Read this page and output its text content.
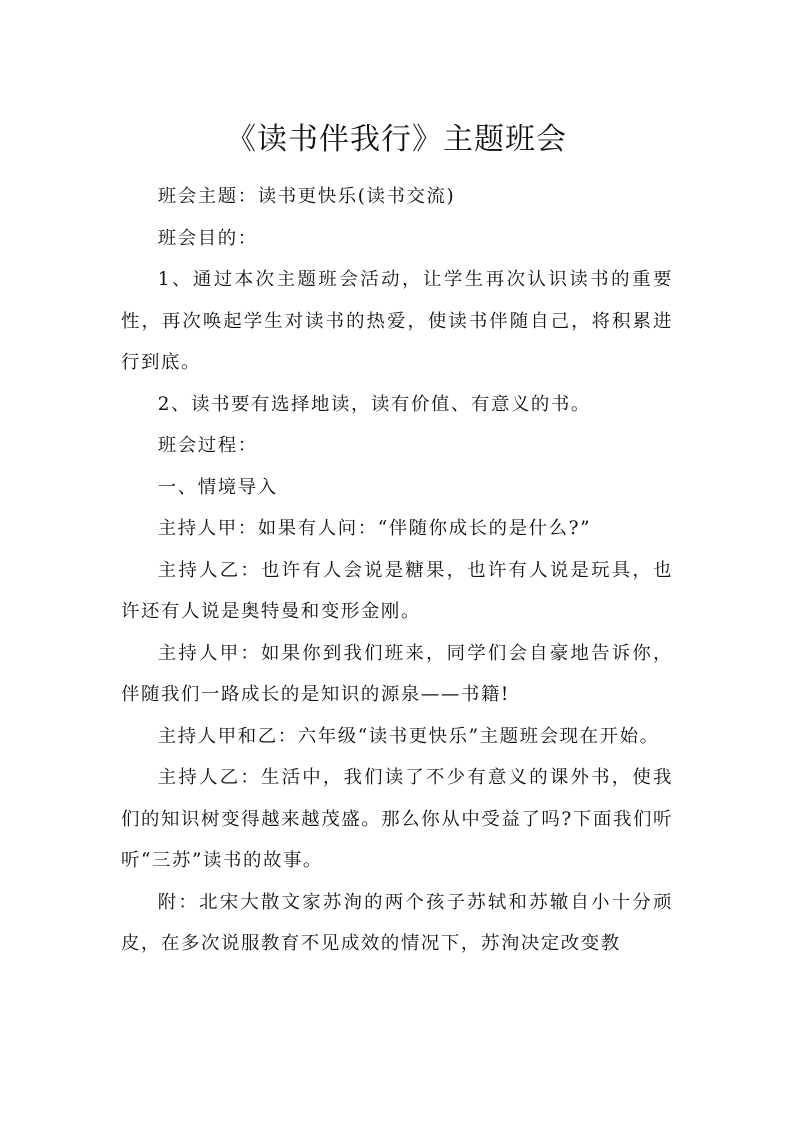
《读书伴我行》主题班会

班会主题：读书更快乐(读书交流)

班会目的：

1、通过本次主题班会活动，让学生再次认识读书的重要性，再次唤起学生对读书的热爱，使读书伴随自己，将积累进行到底。

2、读书要有选择地读，读有价值、有意义的书。

班会过程：

一、情境导入

主持人甲：如果有人问：“伴随你成长的是什么?”

主持人乙：也许有人会说是糖果，也许有人说是玩具，也许还有人说是奥特曼和变形金刚。

主持人甲：如果你到我们班来，同学们会自豪地告诉你，伴随我们一路成长的是知识的源泉——书籍!

主持人甲和乙：六年级“读书更快乐”主题班会现在开始。

主持人乙：生活中，我们读了不少有意义的课外书，使我们的知识树变得越来越茂盛。那么你从中受益了吗?下面我们听听“三苏”读书的故事。

附：北宋大散文家苏洵的两个孩子苏轼和苏辙自小十分顽皮，在多次说服教育不见成效的情况下，苏洵决定改变教
